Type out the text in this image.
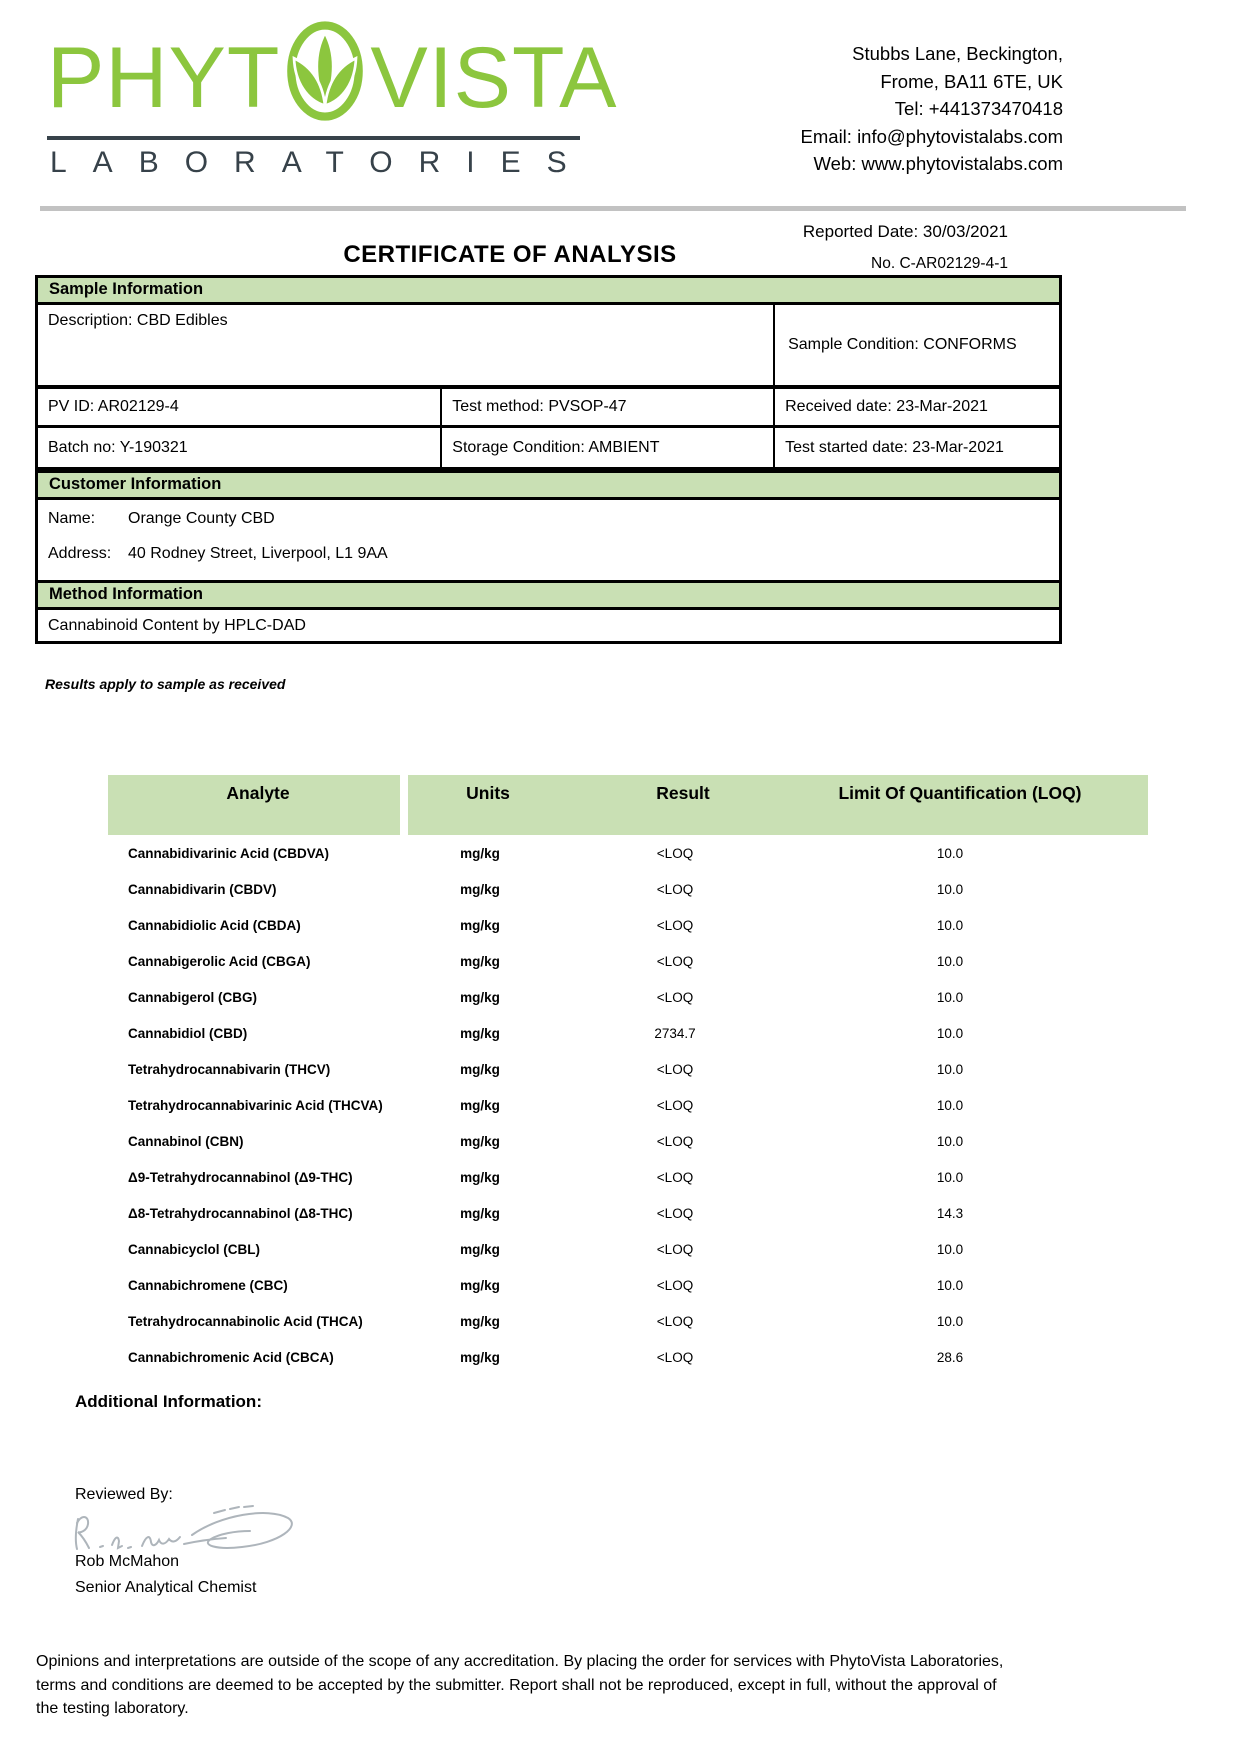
PHYT VISTA
LABORATORIES
Stubbs Lane, Beckington,
Frome, BA11 6TE, UK
Tel: +441373470418
Email: info@phytovistalabs.com
Web: www.phytovistalabs.com
Reported Date: 30/03/2021
CERTIFICATE OF ANALYSIS	No. C-AR02129-4-1
Sample Information
Description: CBD Edibles
Sample Condition: CONFORMS
PV ID: AR02129-4	Test method: PVSOP-47	Received date: 23-Mar-2021
Batch no: Y-190321	Storage Condition: AMBIENT	Test started date: 23-Mar-2021
Customer Information
Name:	Orange County CBD
Address:	40 Rodney Street, Liverpool, L1 9AA
Method Information
Cannabinoid Content by HPLC-DAD
Results apply to sample as received
Analyte	Units	Result	Limit Of Quantification (LOQ)
Cannabidivarinic Acid (CBDVA)	mg/kg	<LOQ	10.0
Cannabidivarin (CBDV)	mg/kg	<LOQ	10.0
Cannabidiolic Acid (CBDA)	mg/kg	<LOQ	10.0
Cannabigerolic Acid (CBGA)	mg/kg	<LOQ	10.0
Cannabigerol (CBG)	mg/kg	<LOQ	10.0
Cannabidiol (CBD)	mg/kg	2734.7	10.0
Tetrahydrocannabivarin (THCV)	mg/kg	<LOQ	10.0
Tetrahydrocannabivarinic Acid (THCVA)	mg/kg	<LOQ	10.0
Cannabinol (CBN)	mg/kg	<LOQ	10.0
Δ9-Tetrahydrocannabinol (Δ9-THC)	mg/kg	<LOQ	10.0
Δ8-Tetrahydrocannabinol (Δ8-THC)	mg/kg	<LOQ	14.3
Cannabicyclol (CBL)	mg/kg	<LOQ	10.0
Cannabichromene (CBC)	mg/kg	<LOQ	10.0
Tetrahydrocannabinolic Acid (THCA)	mg/kg	<LOQ	10.0
Cannabichromenic Acid (CBCA)	mg/kg	<LOQ	28.6
Additional Information:
Reviewed By:
Rob McMahon
Senior Analytical Chemist
Opinions and interpretations are outside of the scope of any accreditation. By placing the order for services with PhytoVista Laboratories,
terms and conditions are deemed to be accepted by the submitter. Report shall not be reproduced, except in full, without the approval of
the testing laboratory.
